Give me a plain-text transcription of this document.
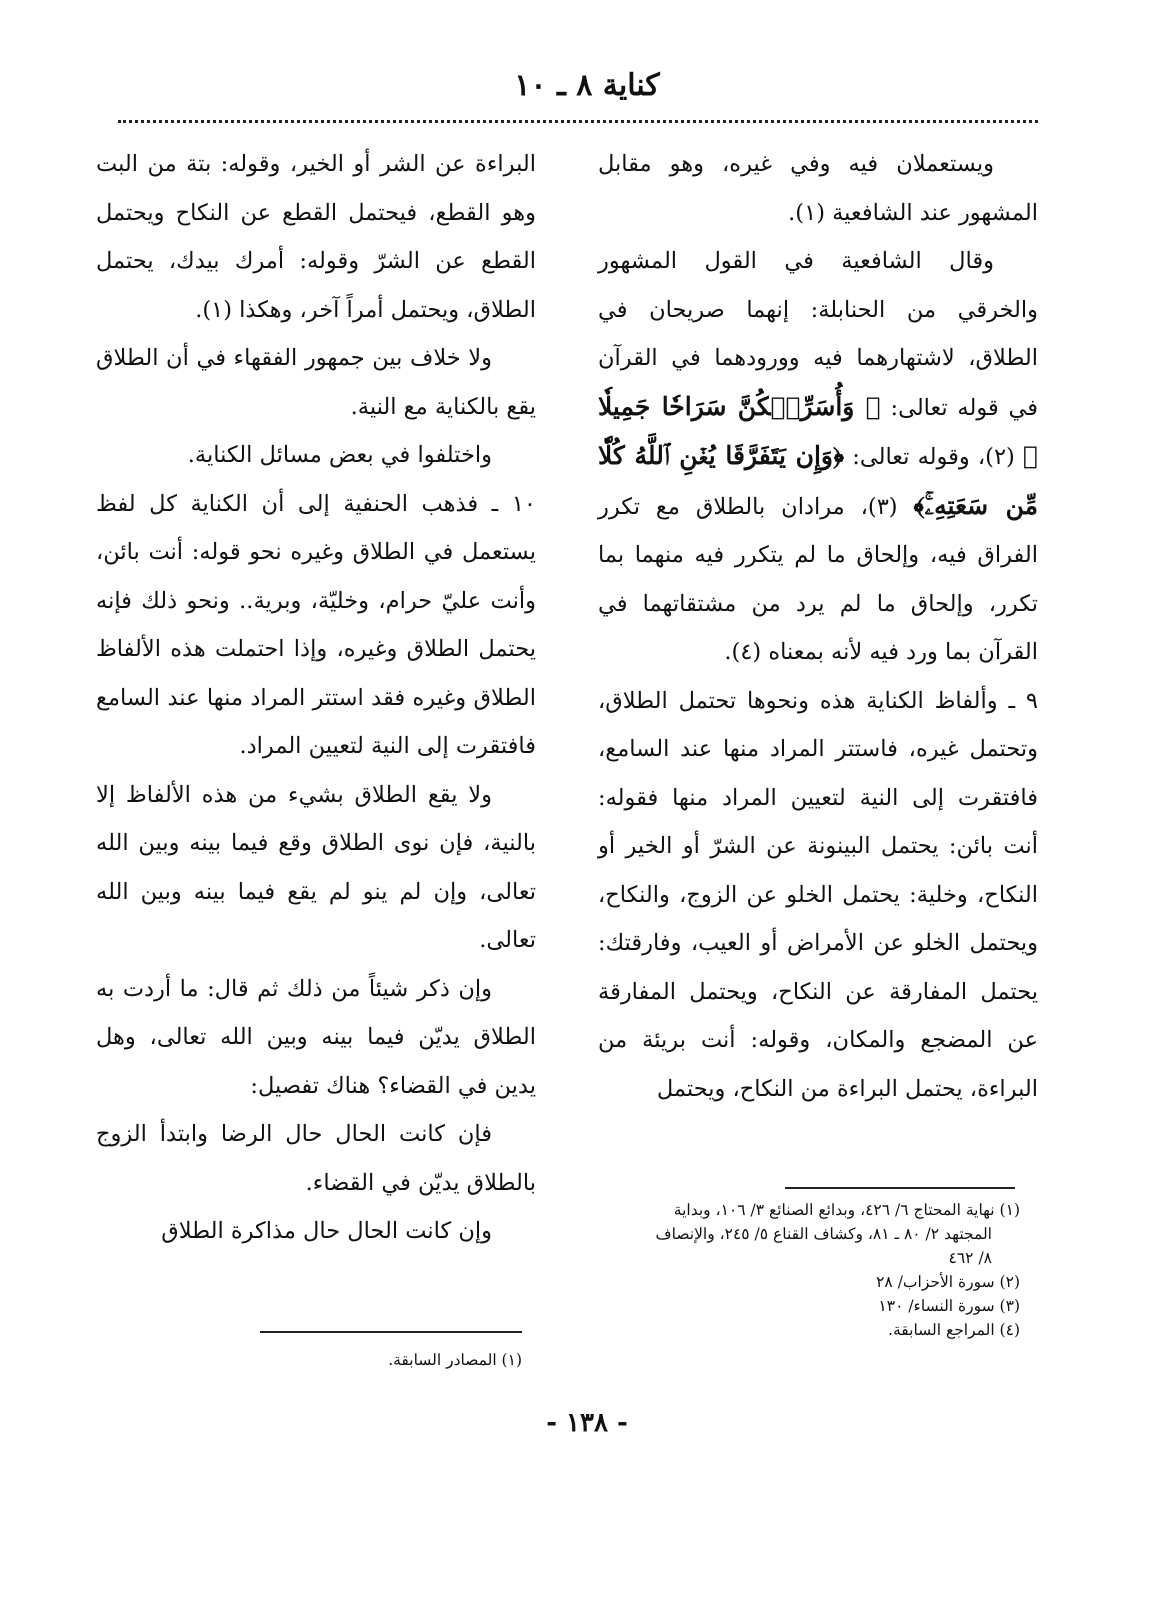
كناية ٨ ـ ١٠

ويستعملان فيه وفي غيره، وهو مقابل المشهور عند الشافعية (١).

وقال الشافعية في القول المشهور والخرقي من الحنابلة: إنهما صريحان في الطلاق، لاشتهارهما فيه وورودهما في القرآن في قوله تعالى: ﴿ وَأُسَرِّحۡكُنَّ سَرَاحٗا جَمِيلٗا ﴾ (٢)، وقوله تعالى: ﴿وَإِن يَتَفَرَّقَا يُغۡنِ ٱللَّهُ كُلّٗا مِّن سَعَتِهِۦۚ﴾ (٣)، مرادان بالطلاق مع تكرر الفراق فيه، وإلحاق ما لم يتكرر فيه منهما بما تكرر، وإلحاق ما لم يرد من مشتقاتهما في القرآن بما ورد فيه لأنه بمعناه (٤).

٩ ـ وألفاظ الكناية هذه ونحوها تحتمل الطلاق، وتحتمل غيره، فاستتر المراد منها عند السامع، فافتقرت إلى النية لتعيين المراد منها فقوله: أنت بائن: يحتمل البينونة عن الشرّ أو الخير أو النكاح، وخلية: يحتمل الخلو عن الزوج، والنكاح، ويحتمل الخلو عن الأمراض أو العيب، وفارقتك: يحتمل المفارقة عن النكاح، ويحتمل المفارقة عن المضجع والمكان، وقوله: أنت بريئة من البراءة، يحتمل البراءة من النكاح، ويحتمل

البراءة عن الشر أو الخير، وقوله: بتة من البت وهو القطع، فيحتمل القطع عن النكاح ويحتمل القطع عن الشرّ وقوله: أمرك بيدك، يحتمل الطلاق، ويحتمل أمراً آخر، وهكذا (١).

ولا خلاف بين جمهور الفقهاء في أن الطلاق يقع بالكناية مع النية.

واختلفوا في بعض مسائل الكناية.

١٠ ـ فذهب الحنفية إلى أن الكناية كل لفظ يستعمل في الطلاق وغيره نحو قوله: أنت بائن، وأنت عليّ حرام، وخليّة، وبرية.. ونحو ذلك فإنه يحتمل الطلاق وغيره، وإذا احتملت هذه الألفاظ الطلاق وغيره فقد استتر المراد منها عند السامع فافتقرت إلى النية لتعيين المراد.

ولا يقع الطلاق بشيء من هذه الألفاظ إلا بالنية، فإن نوى الطلاق وقع فيما بينه وبين الله تعالى، وإن لم ينو لم يقع فيما بينه وبين الله تعالى.

وإن ذكر شيئاً من ذلك ثم قال: ما أردت به الطلاق يديّن فيما بينه وبين الله تعالى، وهل يدين في القضاء؟ هناك تفصيل:

فإن كانت الحال حال الرضا وابتدأ الزوج بالطلاق يديّن في القضاء.

وإن كانت الحال حال مذاكرة الطلاق

(١) نهاية المحتاج ٦/ ٤٢٦، وبدائع الصنائع ٣/ ١٠٦، وبداية
المجتهد ٢/ ٨٠ ـ ٨١، وكشاف القناع ٥/ ٢٤٥، والإنصاف
٨/ ٤٦٢
(٢) سورة الأحزاب/ ٢٨
(٣) سورة النساء/ ١٣٠
(٤) المراجع السابقة.
(١) المصادر السابقة.
- ١٣٨ -
